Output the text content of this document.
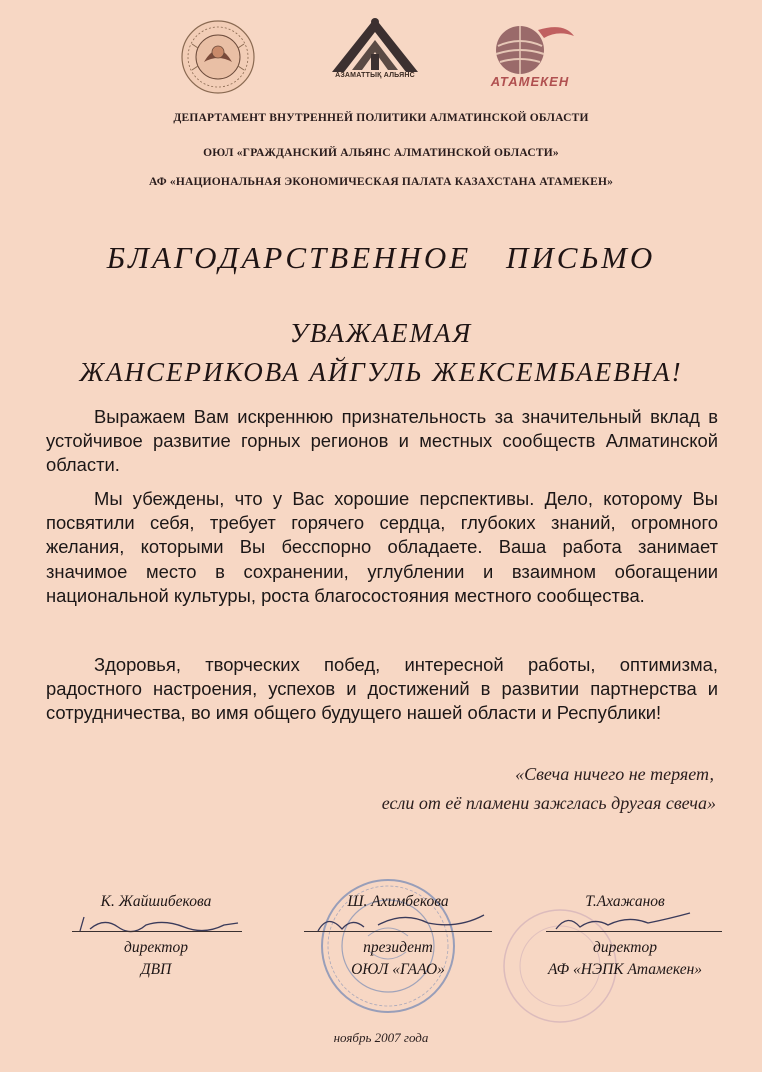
АЗАМАТТЫҚ АЛЬЯНС	АТАМЕКЕН
ДЕПАРТАМЕНТ ВНУТРЕННЕЙ ПОЛИТИКИ АЛМАТИНСКОЙ ОБЛАСТИ
ОЮЛ «ГРАЖДАНСКИЙ АЛЬЯНС АЛМАТИНСКОЙ ОБЛАСТИ»
АФ «НАЦИОНАЛЬНАЯ ЭКОНОМИЧЕСКАЯ ПАЛАТА КАЗАХСТАНА АТАМЕКЕН»
БЛАГОДАРСТВЕННОЕ ПИСЬМО
УВАЖАЕМАЯ
ЖАНСЕРИКОВА АЙГУЛЬ ЖЕКСЕМБАЕВНА!

Выражаем Вам искреннюю признательность за значительный вклад в устойчивое развитие горных регионов и местных сообществ Алматинской области.

Мы убеждены, что у Вас хорошие перспективы. Дело, которому Вы посвятили себя, требует горячего сердца, глубоких знаний, огромного желания, которыми Вы бесспорно обладаете. Ваша работа занимает значимое место в сохранении, углублении и взаимном обогащении национальной культуры, роста благосостояния местного сообщества.

Здоровья, творческих побед, интересной работы, оптимизма, радостного настроения, успехов и достижений в развитии партнерства и сотрудничества, во имя общего будущего нашей области и Республики!

«Свеча ничего не теряет,
если от её пламени зажглась другая свеча»
К. Жайшибекова
директор
ДВП
Ш. Ахимбекова
президент
ОЮЛ «ГААО»
Т.Ахажанов
директор
АФ «НЭПК Атамекен»
ноябрь 2007 года
